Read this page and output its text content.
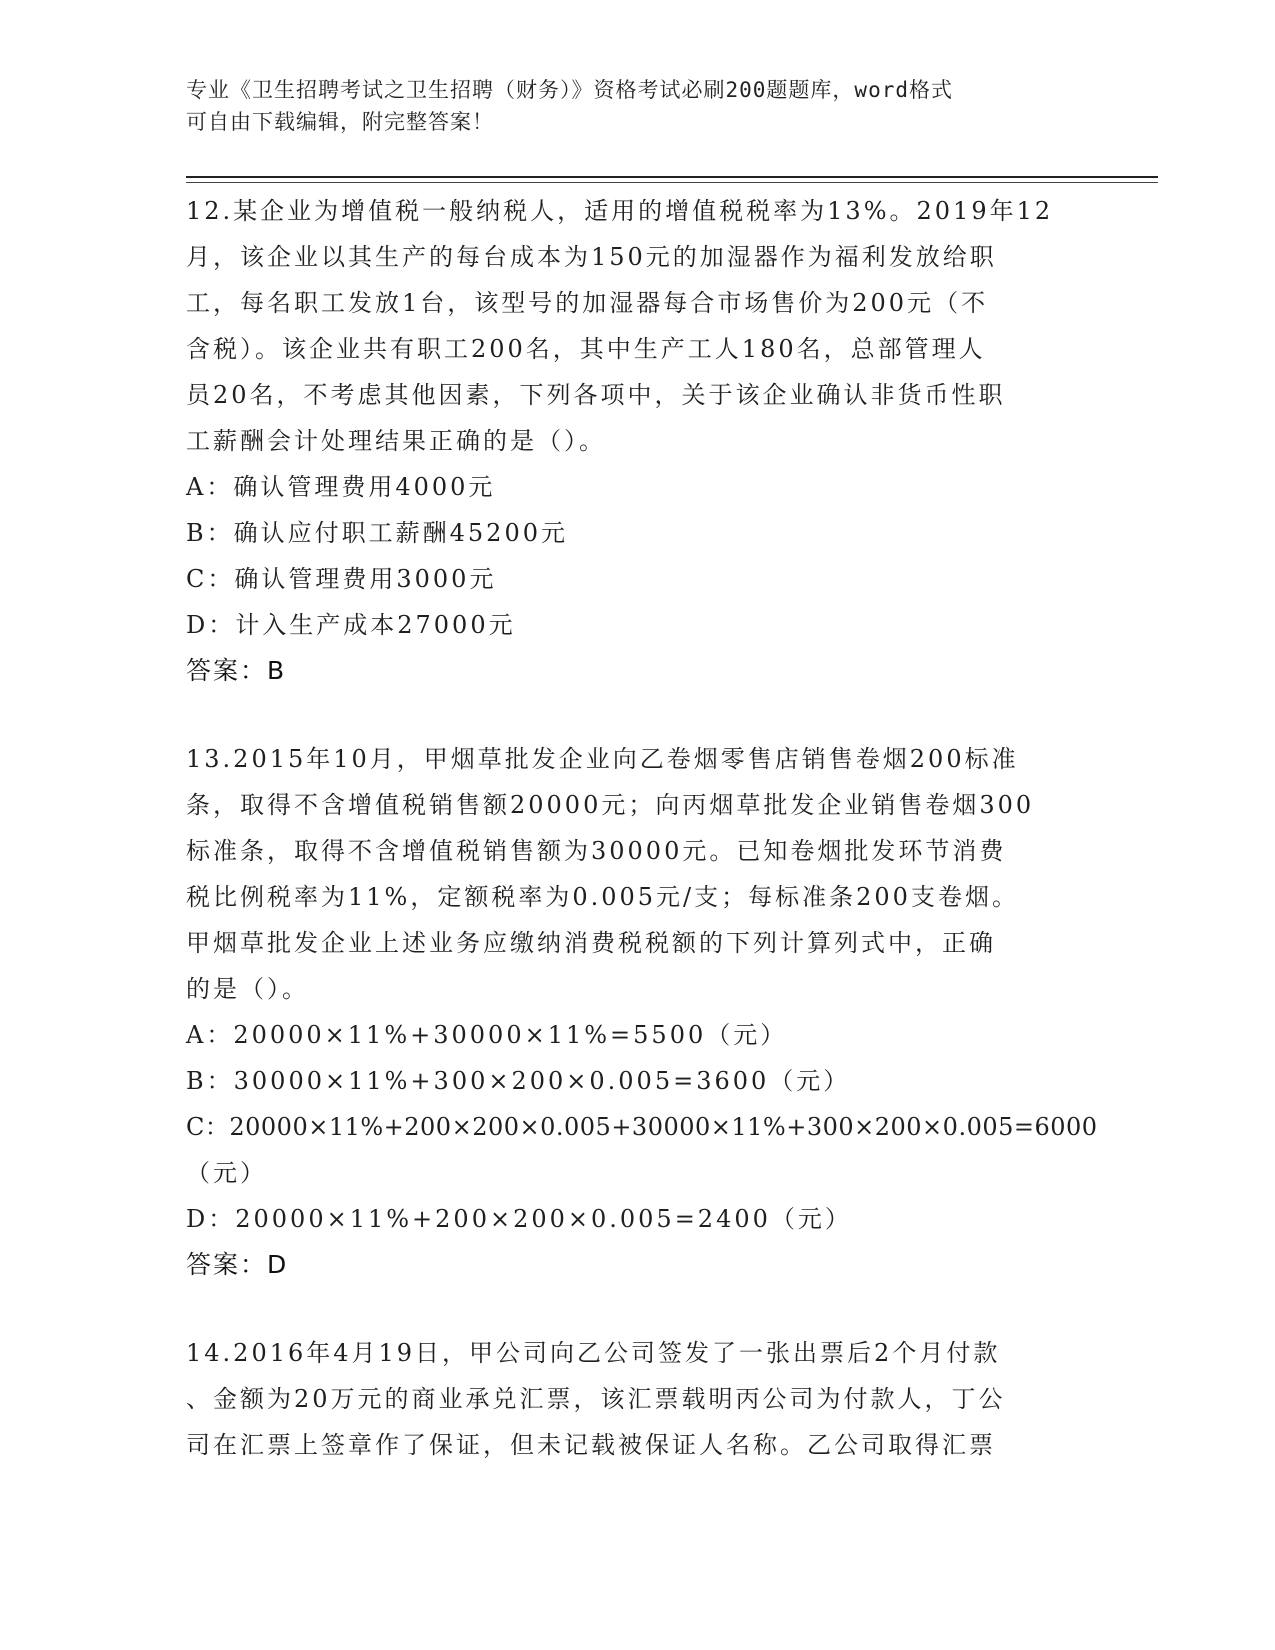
专业《卫生招聘考试之卫生招聘（财务）》资格考试必刷200题题库，word格式
可自由下载编辑，附完整答案！
12.某企业为增值税一般纳税人，适用的增值税税率为13%。2019年12
月，该企业以其生产的每台成本为150元的加湿器作为福利发放给职
工，每名职工发放1台，该型号的加湿器每合市场售价为200元（不
含税）。该企业共有职工200名，其中生产工人180名，总部管理人
员20名，不考虑其他因素，下列各项中，关于该企业确认非货币性职
工薪酬会计处理结果正确的是（）。
A：确认管理费用4000元
B：确认应付职工薪酬45200元
C：确认管理费用3000元
D：计入生产成本27000元
答案：B
13.2015年10月，甲烟草批发企业向乙卷烟零售店销售卷烟200标准
条，取得不含增值税销售额20000元；向丙烟草批发企业销售卷烟300
标准条，取得不含增值税销售额为30000元。已知卷烟批发环节消费
税比例税率为11%，定额税率为0.005元/支；每标准条200支卷烟。
甲烟草批发企业上述业务应缴纳消费税税额的下列计算列式中，正确
的是（）。
A：20000×11%+30000×11%=5500（元）
B：30000×11%+300×200×0.005=3600（元）
C：20000×11%+200×200×0.005+30000×11%+300×200×0.005=6000
（元）
D：20000×11%+200×200×0.005=2400（元）
答案：D
14.2016年4月19日，甲公司向乙公司签发了一张出票后2个月付款
、金额为20万元的商业承兑汇票，该汇票载明丙公司为付款人，丁公
司在汇票上签章作了保证，但未记载被保证人名称。乙公司取得汇票
